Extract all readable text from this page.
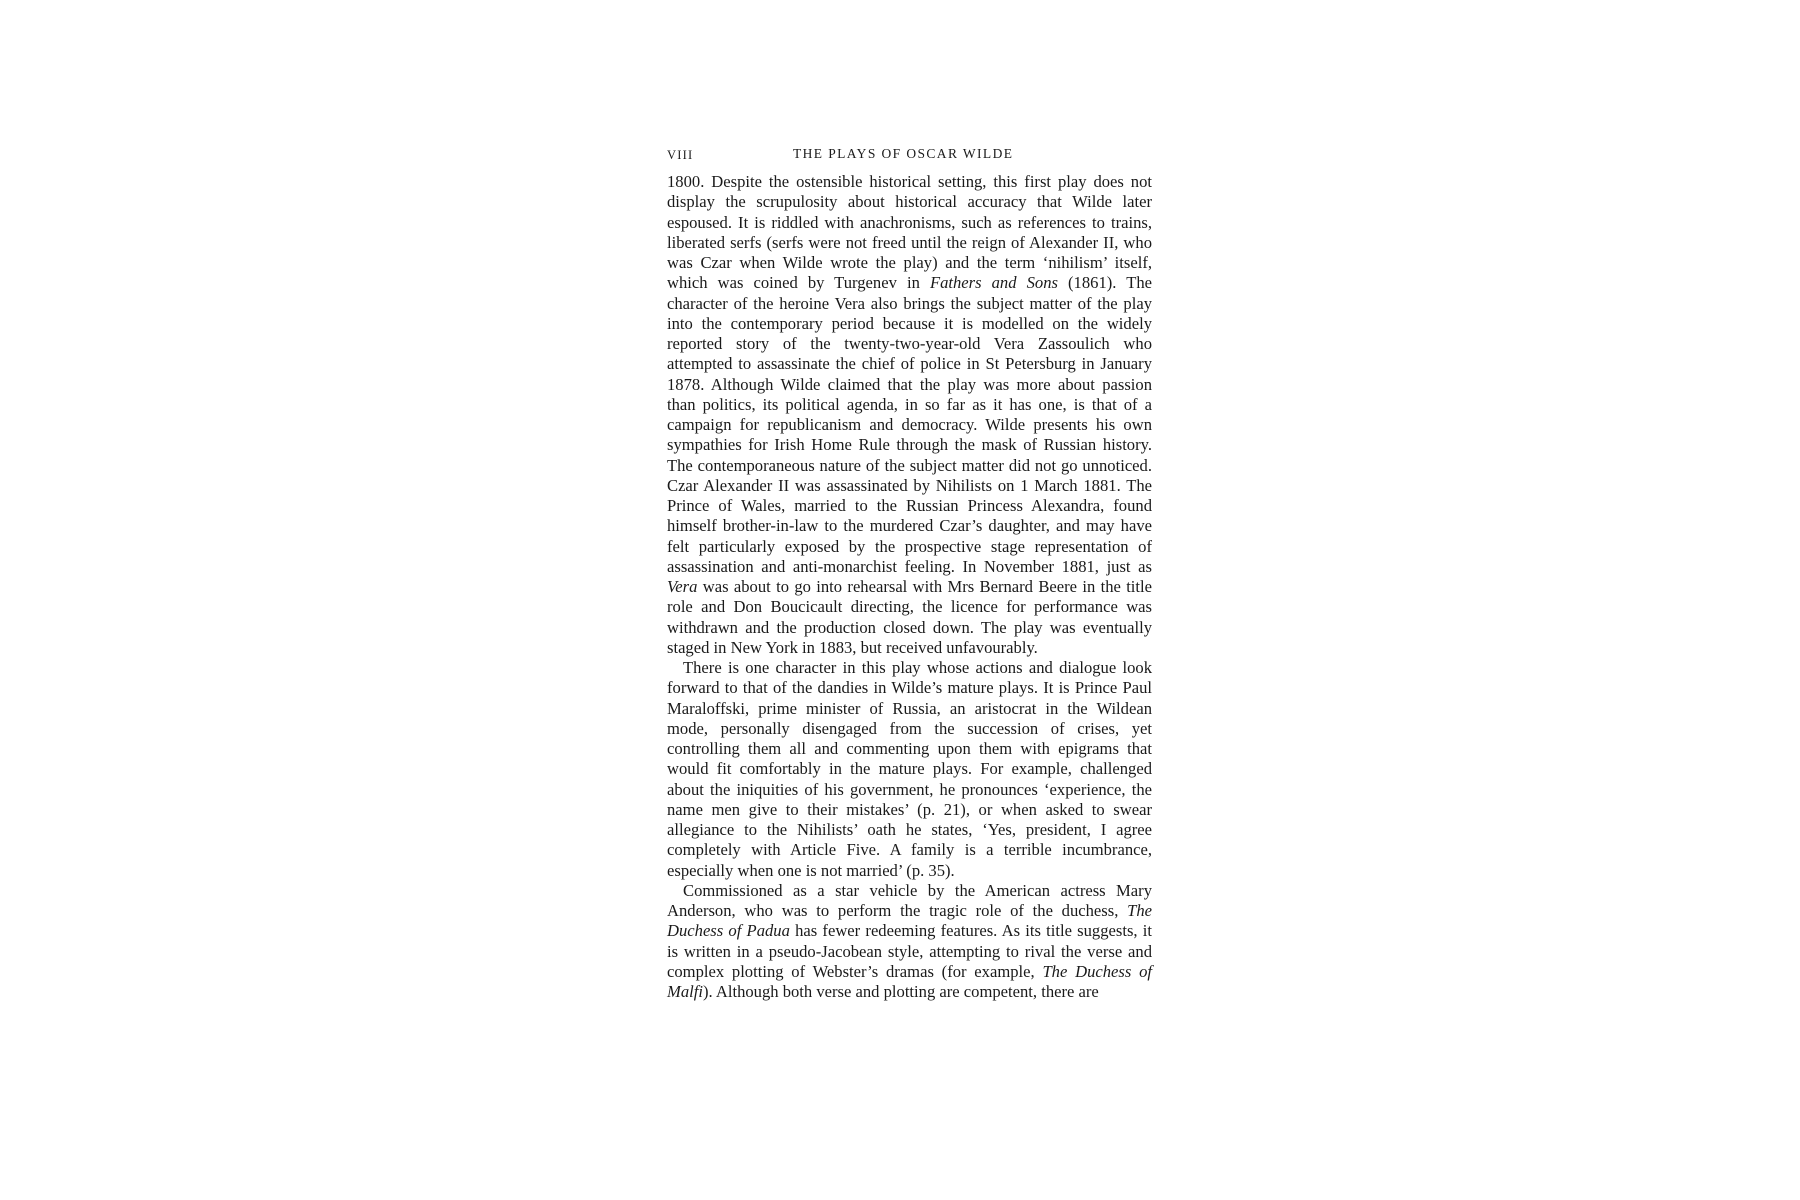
VIII	THE PLAYS OF OSCAR WILDE

1800. Despite the ostensible historical setting, this first play does not display the scrupulosity about historical accuracy that Wilde later espoused. It is riddled with anachronisms, such as references to trains, liberated serfs (serfs were not freed until the reign of Alexander II, who was Czar when Wilde wrote the play) and the term ‘nihilism’ itself, which was coined by Turgenev in Fathers and Sons (1861). The character of the heroine Vera also brings the subject matter of the play into the contemporary period because it is modelled on the widely reported story of the twenty-two-year-old Vera Zassoulich who attempted to assassinate the chief of police in St Petersburg in January 1878. Although Wilde claimed that the play was more about passion than politics, its political agenda, in so far as it has one, is that of a campaign for republicanism and democracy. Wilde presents his own sympathies for Irish Home Rule through the mask of Russian history. The contemporaneous nature of the subject matter did not go unnoticed. Czar Alexander II was assassinated by Nihilists on 1 March 1881. The Prince of Wales, married to the Russian Princess Alexandra, found himself brother-in-law to the murdered Czar’s daughter, and may have felt particularly exposed by the prospective stage representation of assassination and anti-monarchist feeling. In November 1881, just as Vera was about to go into rehearsal with Mrs Bernard Beere in the title role and Don Boucicault directing, the licence for performance was withdrawn and the production closed down. The play was eventually staged in New York in 1883, but received unfavourably.

There is one character in this play whose actions and dialogue look forward to that of the dandies in Wilde’s mature plays. It is Prince Paul Maraloffski, prime minister of Russia, an aristocrat in the Wildean mode, personally disengaged from the succession of crises, yet controlling them all and commenting upon them with epigrams that would fit comfortably in the mature plays. For example, challenged about the iniquities of his government, he pronounces ‘experience, the name men give to their mistakes’ (p. 21), or when asked to swear allegiance to the Nihilists’ oath he states, ‘Yes, president, I agree completely with Article Five. A family is a terrible incumbrance, especially when one is not married’ (p. 35).

Commissioned as a star vehicle by the American actress Mary Anderson, who was to perform the tragic role of the duchess, The Duchess of Padua has fewer redeeming features. As its title suggests, it is written in a pseudo-Jacobean style, attempting to rival the verse and complex plotting of Webster’s dramas (for example, The Duchess of Malfi). Although both verse and plotting are competent, there are
